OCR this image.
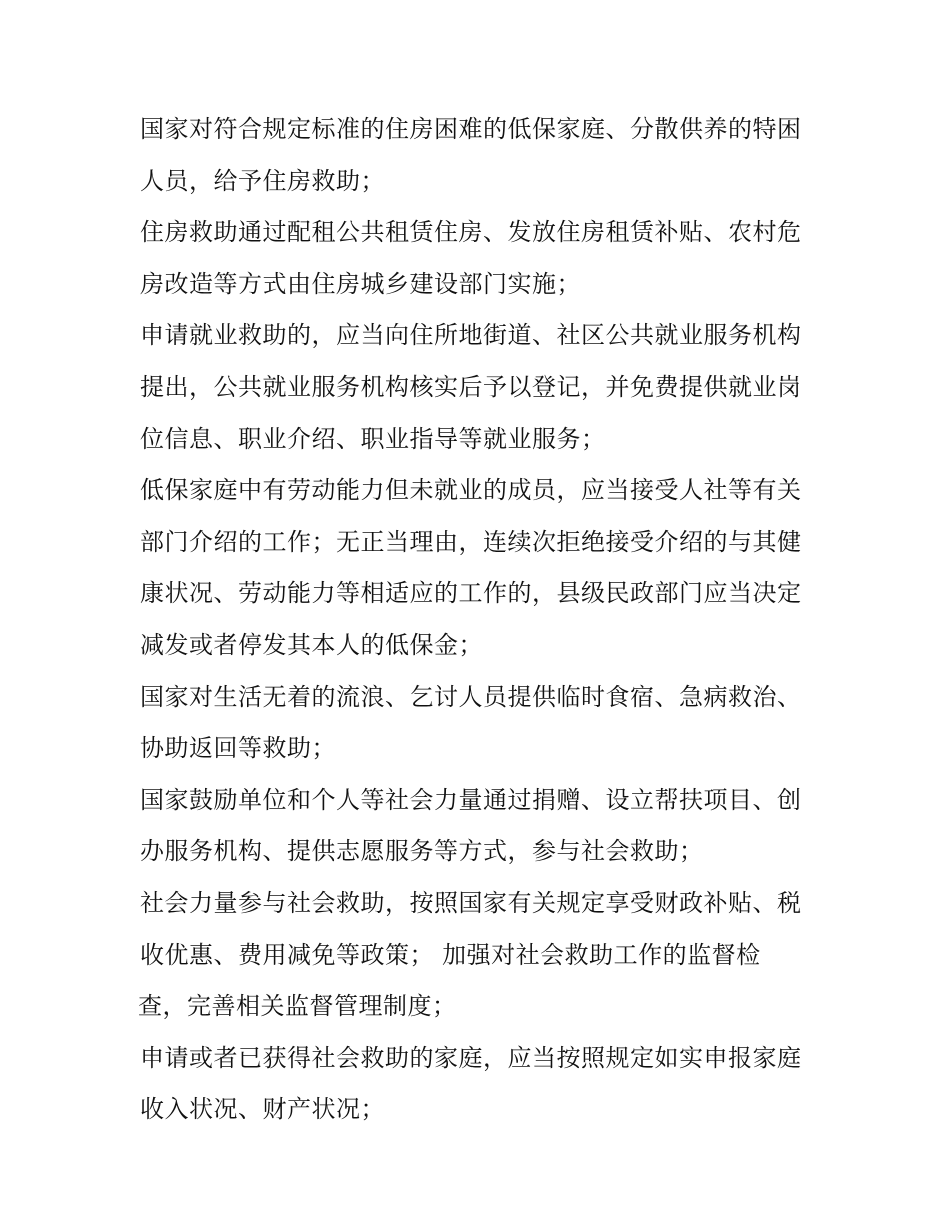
国家对符合规定标准的住房困难的低保家庭、分散供养的特困
人员，给予住房救助；
住房救助通过配租公共租赁住房、发放住房租赁补贴、农村危
房改造等方式由住房城乡建设部门实施；
申请就业救助的，应当向住所地街道、社区公共就业服务机构
提出，公共就业服务机构核实后予以登记，并免费提供就业岗
位信息、职业介绍、职业指导等就业服务；
低保家庭中有劳动能力但未就业的成员，应当接受人社等有关
部门介绍的工作；无正当理由，连续次拒绝接受介绍的与其健
康状况、劳动能力等相适应的工作的，县级民政部门应当决定
减发或者停发其本人的低保金；
国家对生活无着的流浪、乞讨人员提供临时食宿、急病救治、
协助返回等救助；
国家鼓励单位和个人等社会力量通过捐赠、设立帮扶项目、创
办服务机构、提供志愿服务等方式，参与社会救助；
社会力量参与社会救助，按照国家有关规定享受财政补贴、税
收优惠、费用减免等政策； 加强对社会救助工作的监督检
查，完善相关监督管理制度；
申请或者已获得社会救助的家庭，应当按照规定如实申报家庭
收入状况、财产状况；
